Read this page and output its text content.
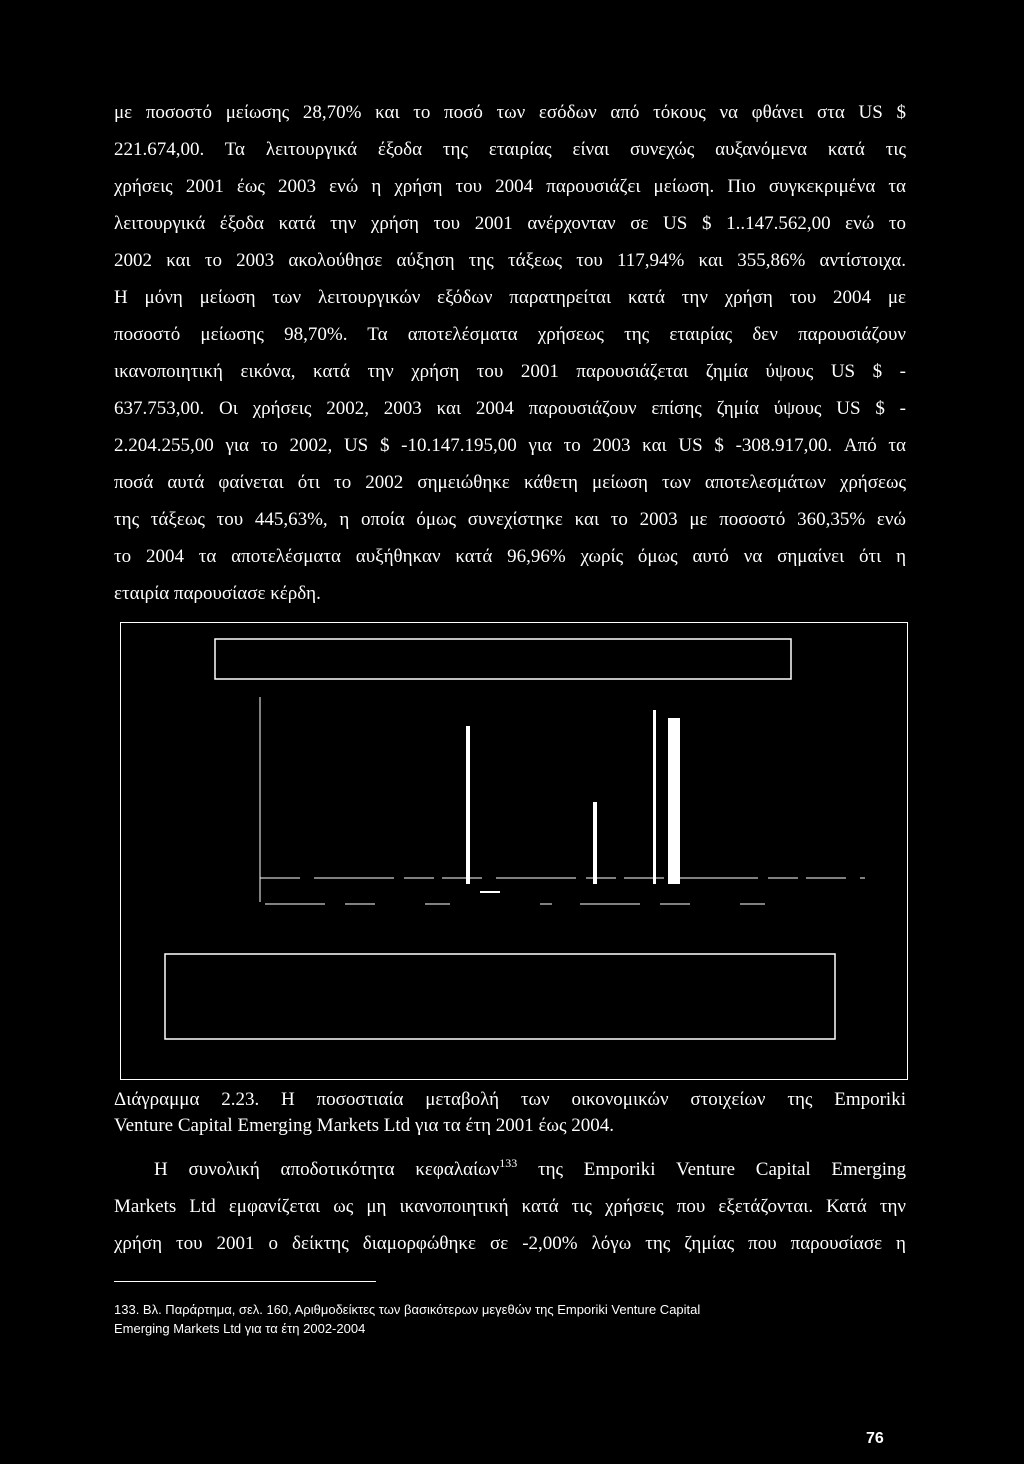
με ποσοστό μείωσης 28,70% και το ποσό των εσόδων από τόκους να φθάνει στα US $
221.674,00. Τα λειτουργικά έξοδα της εταιρίας είναι συνεχώς αυξανόμενα κατά τις
χρήσεις 2001 έως 2003 ενώ η χρήση του 2004 παρουσιάζει μείωση. Πιο συγκεκριμένα τα
λειτουργικά έξοδα κατά την χρήση του 2001 ανέρχονταν σε US $ 1..147.562,00 ενώ το
2002 και το 2003 ακολούθησε αύξηση της τάξεως του 117,94% και 355,86% αντίστοιχα.
Η μόνη μείωση των λειτουργικών εξόδων παρατηρείται κατά την χρήση του 2004 με
ποσοστό μείωσης 98,70%. Τα αποτελέσματα χρήσεως της εταιρίας δεν παρουσιάζουν
ικανοποιητική εικόνα, κατά την χρήση του 2001 παρουσιάζεται ζημία ύψους US $ -
637.753,00. Οι χρήσεις 2002, 2003 και 2004 παρουσιάζουν επίσης ζημία ύψους US $ -
2.204.255,00 για το 2002, US $ -10.147.195,00 για το 2003 και US $ -308.917,00. Από τα
ποσά αυτά φαίνεται ότι το 2002 σημειώθηκε κάθετη μείωση των αποτελεσμάτων χρήσεως
της τάξεως του 445,63%, η οποία όμως συνεχίστηκε και το 2003 με ποσοστό 360,35% ενώ
το 2004 τα αποτελέσματα αυξήθηκαν κατά 96,96% χωρίς όμως αυτό να σημαίνει ότι η
εταιρία παρουσίασε κέρδη.
Διάγραμμα 2.23. Η ποσοστιαία μεταβολή των οικονομικών στοιχείων της Emporiki
Venture Capital Emerging Markets Ltd για τα έτη 2001 έως 2004.
Η συνολική αποδοτικότητα κεφαλαίων$^{133}$ της Emporiki Venture Capital Emerging
Markets Ltd εμφανίζεται ως μη ικανοποιητική κατά τις χρήσεις που εξετάζονται. Κατά την
χρήση του 2001 ο δείκτης διαμορφώθηκε σε -2,00% λόγω της ζημίας που παρουσίασε η
133. Βλ. Παράρτημα, σελ. 160, Αριθμοδείκτες των βασικότερων μεγεθών της Emporiki Venture Capital
Emerging Markets Ltd για τα έτη 2002-2004
76
